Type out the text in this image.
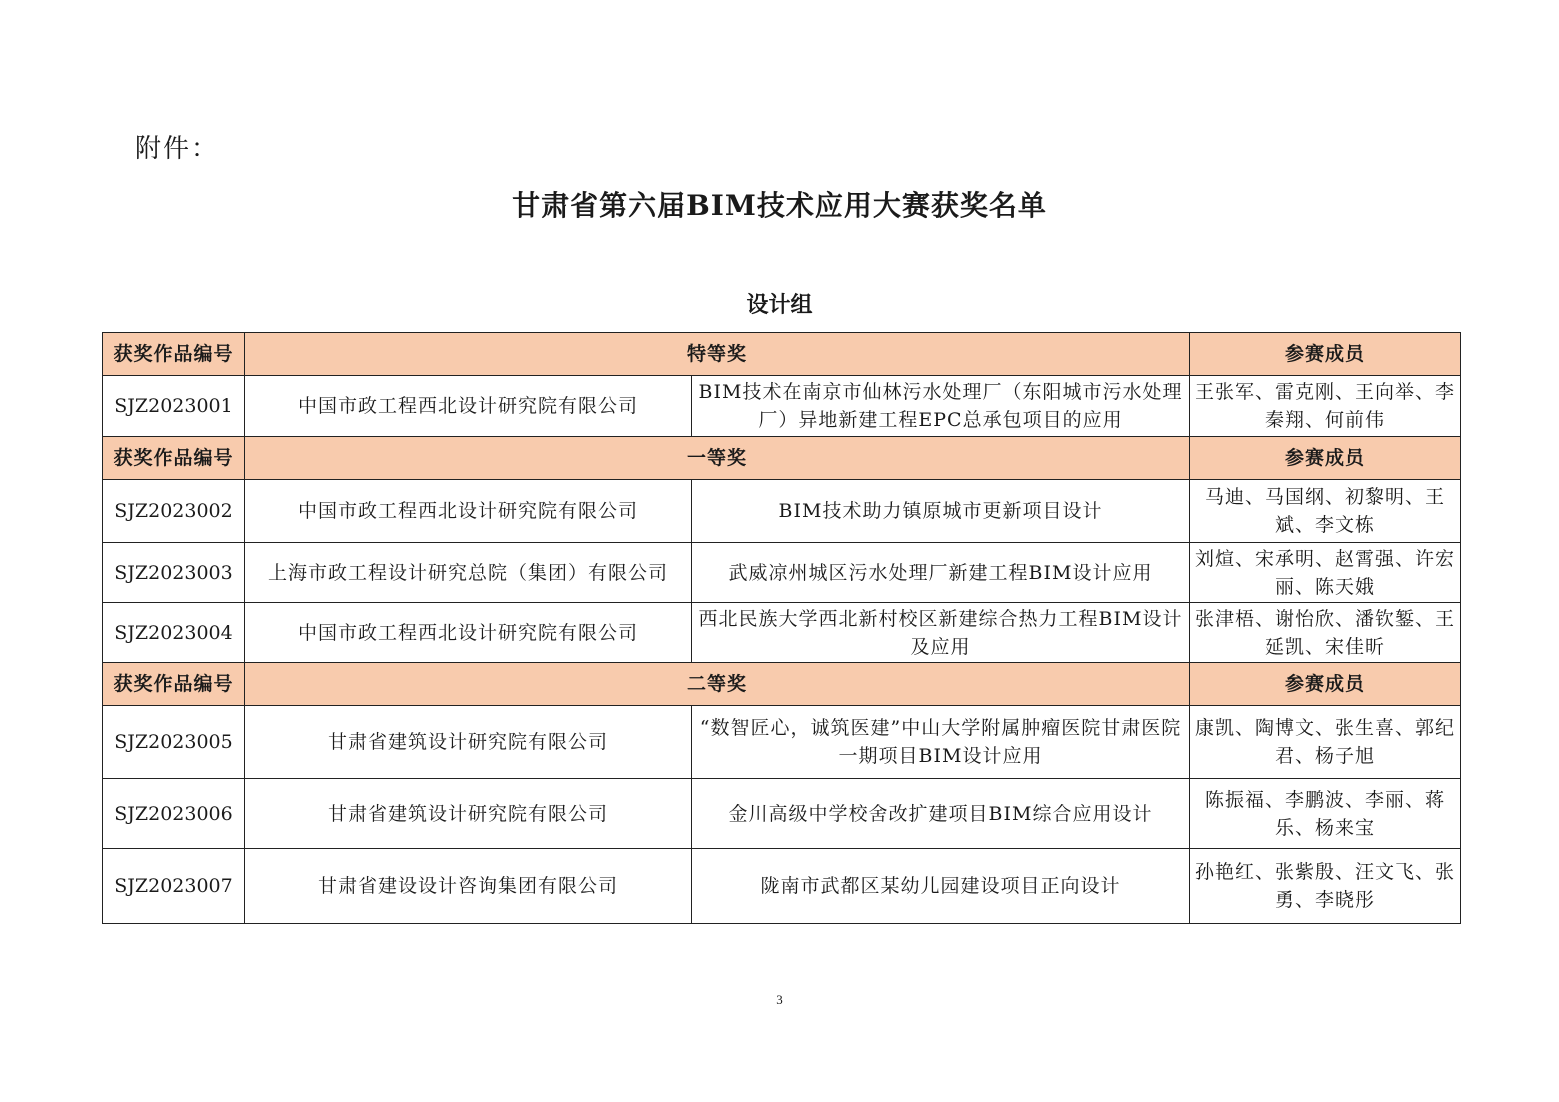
附件：
甘肃省第六届BIM技术应用大赛获奖名单
设计组
获奖作品编号	特等奖		参赛成员
SJZ2023001	中国市政工程西北设计研究院有限公司	BIM技术在南京市仙林污水处理厂（东阳城市污水处理厂）异地新建工程EPC总承包项目的应用	王张军、雷克刚、王向举、李秦翔、何前伟
获奖作品编号	一等奖		参赛成员
SJZ2023002	中国市政工程西北设计研究院有限公司	BIM技术助力镇原城市更新项目设计	马迪、马国纲、初黎明、王斌、李文栋
SJZ2023003	上海市政工程设计研究总院（集团）有限公司	武威凉州城区污水处理厂新建工程BIM设计应用	刘煊、宋承明、赵霄强、许宏丽、陈天娥
SJZ2023004	中国市政工程西北设计研究院有限公司	西北民族大学西北新村校区新建综合热力工程BIM设计及应用	张津梧、谢怡欣、潘钦錾、王延凯、宋佳昕
获奖作品编号	二等奖		参赛成员
SJZ2023005	甘肃省建筑设计研究院有限公司	“数智匠心，诚筑医建”中山大学附属肿瘤医院甘肃医院一期项目BIM设计应用	康凯、陶博文、张生喜、郭纪君、杨子旭
SJZ2023006	甘肃省建筑设计研究院有限公司	金川高级中学校舍改扩建项目BIM综合应用设计	陈振福、李鹏波、李丽、蒋乐、杨来宝
SJZ2023007	甘肃省建设设计咨询集团有限公司	陇南市武都区某幼儿园建设项目正向设计	孙艳红、张紫殷、汪文飞、张勇、李晓彤
3
